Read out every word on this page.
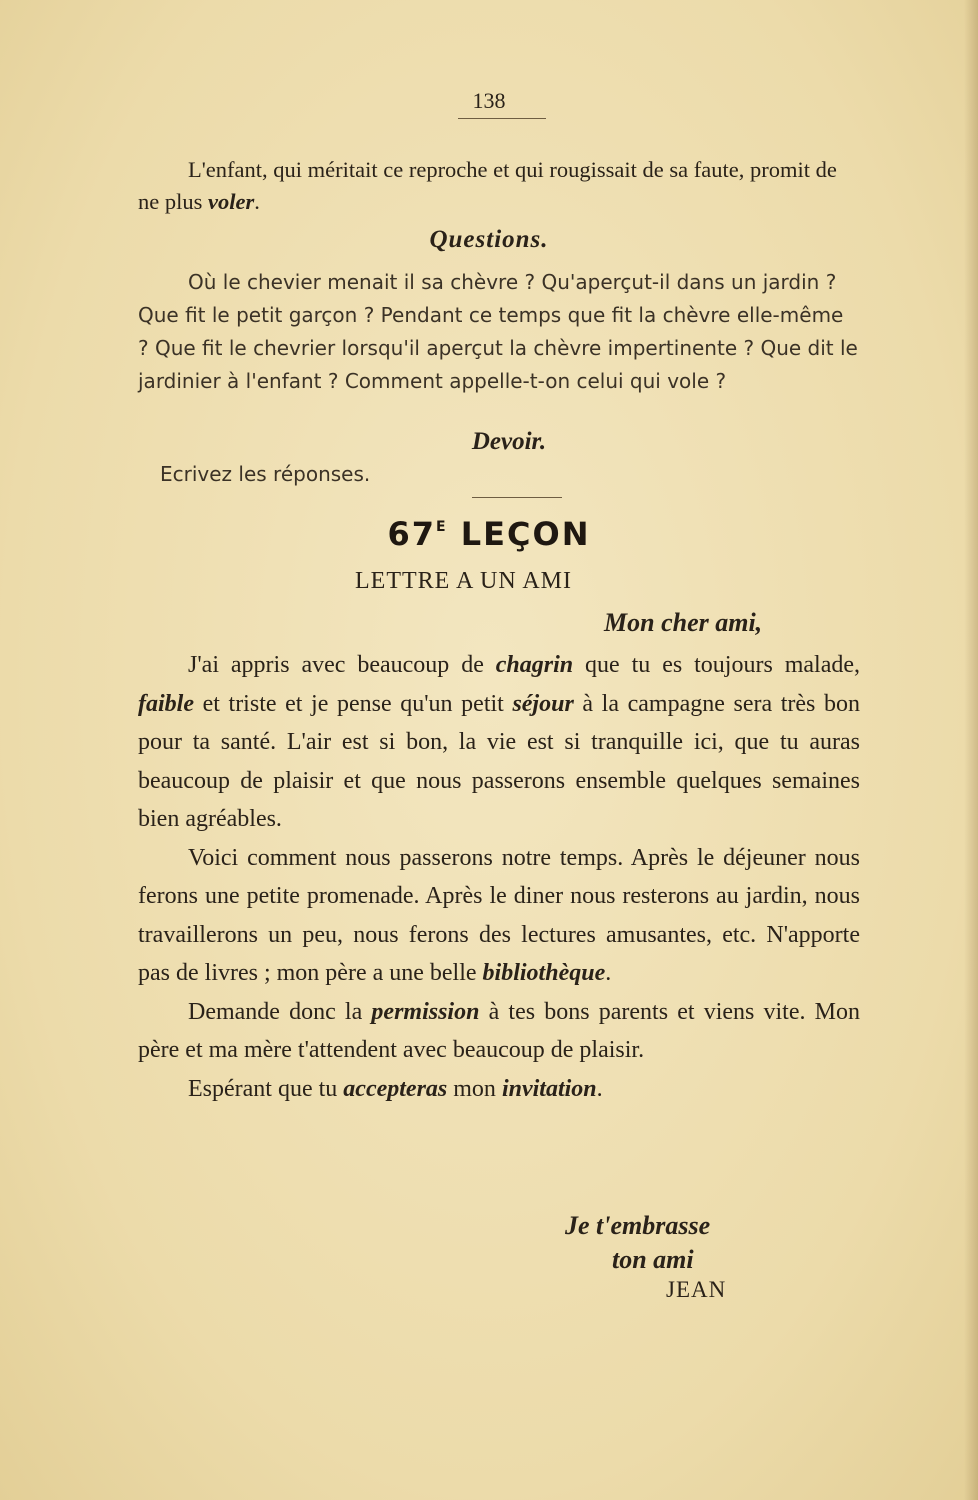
138
L'enfant, qui méritait ce reproche et qui rougissait de sa faute, promit de ne plus voler.
Questions.
Où le chevier menait il sa chèvre ? Qu'aperçut-il dans un jardin ? Que fit le petit garçon ? Pendant ce temps que fit la chèvre elle-même ? Que fit le chevrier lorsqu'il aperçut la chèvre impertinente ? Que dit le jardinier à l'enfant ? Comment appelle-t-on celui qui vole ?
Devoir.
Ecrivez les réponses.
$67^E$ LEÇON
LETTRE A UN AMI
Mon cher ami,
J'ai appris avec beaucoup de chagrin que tu es toujours malade, faible et triste et je pense qu'un petit séjour à la campagne sera très bon pour ta santé. L'air est si bon, la vie est si tranquille ici, que tu auras beaucoup de plaisir et que nous passerons ensemble quelques semaines bien agréables.
Voici comment nous passerons notre temps. Après le déjeuner nous ferons une petite promenade. Après le diner nous resterons au jardin, nous travaillerons un peu, nous ferons des lectures amusantes, etc. N'apporte pas de livres ; mon père a une belle bibliothèque.
Demande donc la permission à tes bons parents et viens vite. Mon père et ma mère t'attendent avec beaucoup de plaisir.
Espérant que tu accepteras mon invitation.
Je t'embrasse
ton ami
JEAN
